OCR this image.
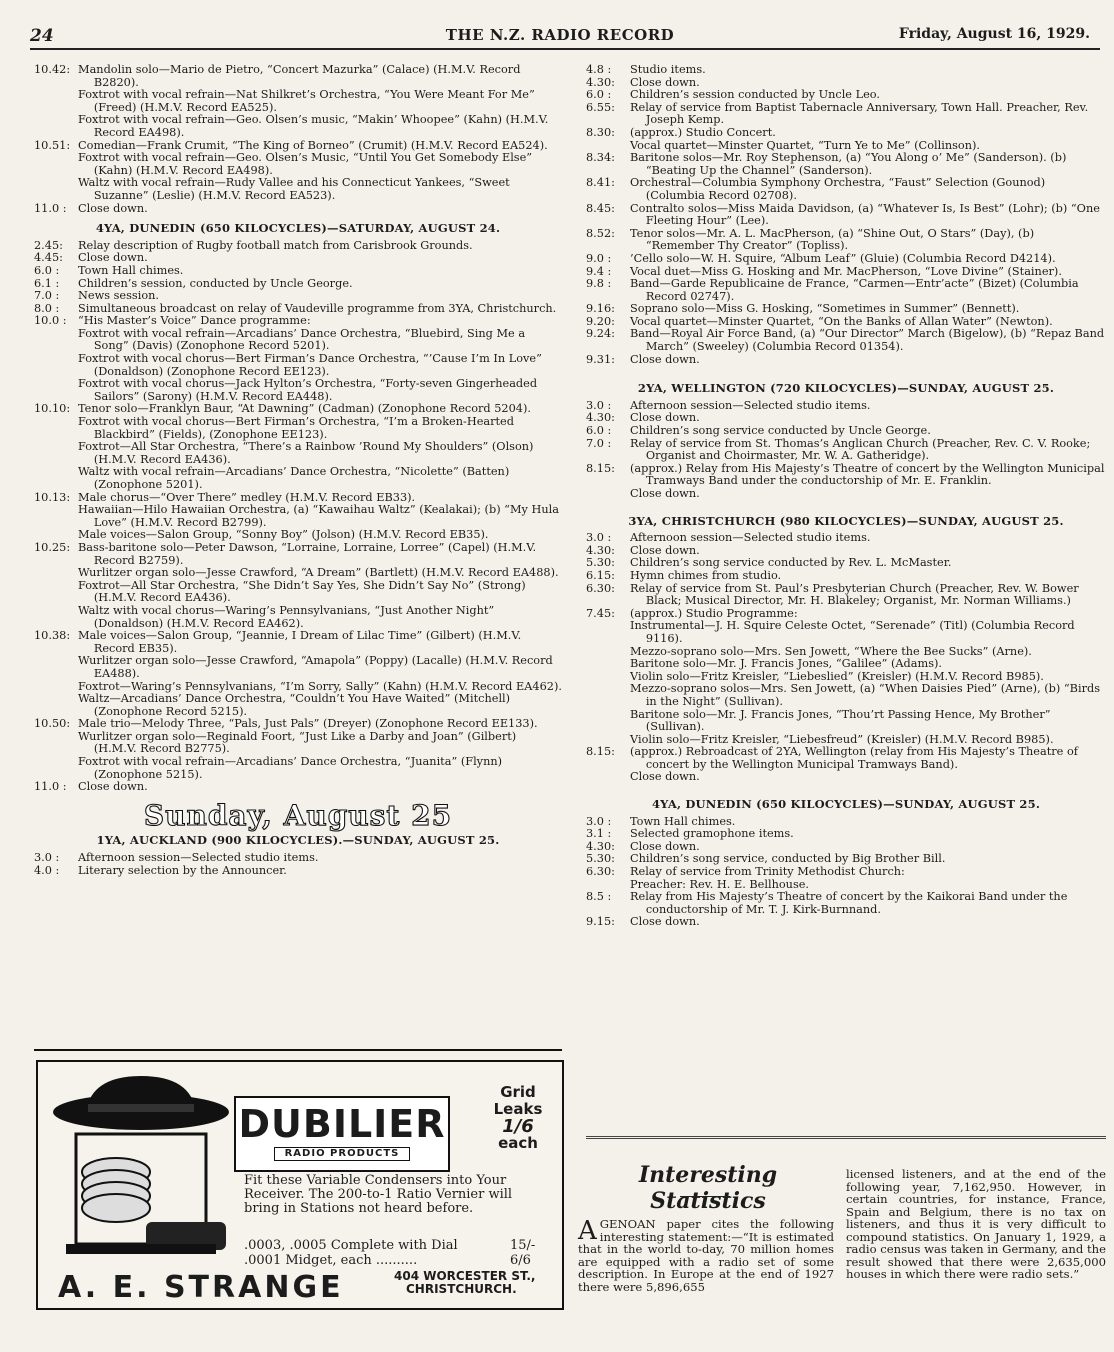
24	THE N.Z. RADIO RECORD	Friday, August 16, 1929.
10.42: Mandolin solo—Mario de Pietro, “Concert Mazurka” (Calace) (H.M.V. Record B2820).
Foxtrot with vocal refrain—Nat Shilkret’s Orchestra, “You Were Meant For Me” (Freed) (H.M.V. Record EA525).
Foxtrot with vocal refrain—Geo. Olsen’s music, “Makin’ Whoopee” (Kahn) (H.M.V. Record EA498).
10.51: Comedian—Frank Crumit, “The King of Borneo” (Crumit) (H.M.V. Record EA524).
Foxtrot with vocal refrain—Geo. Olsen’s Music, “Until You Get Somebody Else” (Kahn) (H.M.V. Record EA498).
Waltz with vocal refrain—Rudy Vallee and his Connecticut Yankees, “Sweet Suzanne” (Leslie) (H.M.V. Record EA523).
11.0 :	Close down.
4YA, DUNEDIN (650 KILOCYCLES)—SATURDAY, AUGUST 24.
2.45:	Relay description of Rugby football match from Carisbrook Grounds.
4.45:	Close down.
6.0 :	Town Hall chimes.
6.1 :	Children’s session, conducted by Uncle George.
7.0 :	News session.
8.0 :	Simultaneous broadcast on relay of Vaudeville programme from 3YA, Christchurch.
10.0 :	“His Master’s Voice” Dance programme:
Foxtrot with vocal refrain—Arcadians’ Dance Orchestra, “Bluebird, Sing Me a Song” (Davis) (Zonophone Record 5201).
Foxtrot with vocal chorus—Bert Firman’s Dance Orchestra, “’Cause I’m In Love” (Donaldson) (Zonophone Record EE123).
Foxtrot with vocal chorus—Jack Hylton’s Orchestra, “Forty-seven Gingerheaded Sailors” (Sarony) (H.M.V. Record EA448).
10.10: Tenor solo—Franklyn Baur, “At Dawning” (Cadman) (Zonophone Record 5204).
Foxtrot with vocal chorus—Bert Firman’s Orchestra, “I’m a Broken-Hearted Blackbird” (Fields), (Zonophone EE123).
Foxtrot—All Star Orchestra, “There’s a Rainbow ’Round My Shoulders” (Olson) (H.M.V. Record EA436).
Waltz with vocal refrain—Arcadians’ Dance Orchestra, “Nicolette” (Batten) (Zonophone 5201).
10.13: Male chorus—“Over There” medley (H.M.V. Record EB33).
Hawaiian—Hilo Hawaiian Orchestra, (a) “Kawaihau Waltz” (Kealakai); (b) “My Hula Love” (H.M.V. Record B2799).
Male voices—Salon Group, “Sonny Boy” (Jolson) (H.M.V. Record EB35).
10.25: Bass-baritone solo—Peter Dawson, “Lorraine, Lorraine, Lorree” (Capel) (H.M.V. Record B2759).
Wurlitzer organ solo—Jesse Crawford, “A Dream” (Bartlett) (H.M.V. Record EA488).
Foxtrot—All Star Orchestra, “She Didn’t Say Yes, She Didn’t Say No” (Strong) (H.M.V. Record EA436).
Waltz with vocal chorus—Waring’s Pennsylvanians, “Just Another Night” (Donaldson) (H.M.V. Record EA462).
10.38: Male voices—Salon Group, “Jeannie, I Dream of Lilac Time” (Gilbert) (H.M.V. Record EB35).
Wurlitzer organ solo—Jesse Crawford, “Amapola” (Poppy) (Lacalle) (H.M.V. Record EA488).
Foxtrot—Waring’s Pennsylvanians, “I’m Sorry, Sally” (Kahn) (H.M.V. Record EA462).
Waltz—Arcadians’ Dance Orchestra, “Couldn’t You Have Waited” (Mitchell) (Zonophone Record 5215).
10.50: Male trio—Melody Three, “Pals, Just Pals” (Dreyer) (Zonophone Record EE133).
Wurlitzer organ solo—Reginald Foort, “Just Like a Darby and Joan” (Gilbert) (H.M.V. Record B2775).
Foxtrot with vocal refrain—Arcadians’ Dance Orchestra, “Juanita” (Flynn) (Zonophone 5215).
11.0 :	Close down.
Sunday, August 25
1YA, AUCKLAND (900 KILOCYCLES).—SUNDAY, AUGUST 25.
3.0 :	Afternoon session—Selected studio items.
4.0 :	Literary selection by the Announcer.
4.8 :	Studio items.
4.30:	Close down.
6.0 :	Children’s session conducted by Uncle Leo.
6.55:	Relay of service from Baptist Tabernacle Anniversary, Town Hall. Preacher, Rev. Joseph Kemp.
8.30:	(approx.) Studio Concert.
Vocal quartet—Minster Quartet, “Turn Ye to Me” (Collinson).
8.34:	Baritone solos—Mr. Roy Stephenson, (a) “You Along o’ Me” (Sanderson). (b) “Beating Up the Channel” (Sanderson).
8.41:	Orchestral—Columbia Symphony Orchestra, “Faust” Selection (Gounod) (Columbia Record 02708).
8.45:	Contralto solos—Miss Maida Davidson, (a) “Whatever Is, Is Best” (Lohr); (b) “One Fleeting Hour” (Lee).
8.52:	Tenor solos—Mr. A. L. MacPherson, (a) “Shine Out, O Stars” (Day), (b) “Remember Thy Creator” (Topliss).
9.0 :	’Cello solo—W. H. Squire, “Album Leaf” (Gluie) (Columbia Record D4214).
9.4 :	Vocal duet—Miss G. Hosking and Mr. MacPherson, “Love Divine” (Stainer).
9.8 :	Band—Garde Republicaine de France, “Carmen—Entr’acte” (Bizet) (Columbia Record 02747).
9.16:	Soprano solo—Miss G. Hosking, “Sometimes in Summer” (Bennett).
9.20:	Vocal quartet—Minster Quartet, “On the Banks of Allan Water” (Newton).
9.24:	Band—Royal Air Force Band, (a) “Our Director” March (Bigelow), (b) “Repaz Band March” (Sweeley) (Columbia Record 01354).
9.31:	Close down.
2YA, WELLINGTON (720 KILOCYCLES)—SUNDAY, AUGUST 25.
3.0 :	Afternoon session—Selected studio items.
4.30:	Close down.
6.0 :	Children’s song service conducted by Uncle George.
7.0 :	Relay of service from St. Thomas’s Anglican Church (Preacher, Rev. C. V. Rooke; Organist and Choirmaster, Mr. W. A. Gatheridge).
8.15:	(approx.) Relay from His Majesty’s Theatre of concert by the Wellington Municipal Tramways Band under the conductorship of Mr. E. Franklin.
Close down.
3YA, CHRISTCHURCH (980 KILOCYCLES)—SUNDAY, AUGUST 25.
3.0 :	Afternoon session—Selected studio items.
4.30:	Close down.
5.30:	Children’s song service conducted by Rev. L. McMaster.
6.15:	Hymn chimes from studio.
6.30:	Relay of service from St. Paul’s Presbyterian Church (Preacher, Rev. W. Bower Black; Musical Director, Mr. H. Blakeley; Organist, Mr. Norman Williams.)
7.45:	(approx.) Studio Programme:
Instrumental—J. H. Squire Celeste Octet, “Serenade” (Titl) (Columbia Record 9116).
Mezzo-soprano solo—Mrs. Sen Jowett, “Where the Bee Sucks” (Arne).
Baritone solo—Mr. J. Francis Jones, “Galilee” (Adams).
Violin solo—Fritz Kreisler, “Liebeslied” (Kreisler) (H.M.V. Record B985).
Mezzo-soprano solos—Mrs. Sen Jowett, (a) “When Daisies Pied” (Arne), (b) “Birds in the Night” (Sullivan).
Baritone solo—Mr. J. Francis Jones, “Thou’rt Passing Hence, My Brother” (Sullivan).
Violin solo—Fritz Kreisler, “Liebesfreud” (Kreisler) (H.M.V. Record B985).
8.15:	(approx.) Rebroadcast of 2YA, Wellington (relay from His Majesty’s Theatre of concert by the Wellington Municipal Tramways Band).
Close down.
4YA, DUNEDIN (650 KILOCYCLES)—SUNDAY, AUGUST 25.
3.0 :	Town Hall chimes.
3.1 :	Selected gramophone items.
4.30:	Close down.
5.30:	Children’s song service, conducted by Big Brother Bill.
6.30:	Relay of service from Trinity Methodist Church:
Preacher: Rev. H. E. Bellhouse.
8.5 :	Relay from His Majesty’s Theatre of concert by the Kaikorai Band under the conductorship of Mr. T. J. Kirk-Burnnand.
9.15:	Close down.
DUBILIER
RADIO PRODUCTS
Grid
Leaks
1/6
each
Fit these Variable Condensers into Your Receiver. The 200-to-1 Ratio Vernier will bring in Stations not heard before.
.0003, .0005 Complete with Dial	15/-
.0001 Midget, each ..........	6/6
A. E. STRANGE	404 WORCESTER ST.,
CHRISTCHURCH.
Interesting Statistics
AGENOAN paper cites the following interesting statement:—“It is estimated that in the world to-day, 70 million homes are equipped with a radio set of some description. In Europe at the end of 1927 there were 5,896,655
licensed listeners, and at the end of the following year, 7,162,950. However, in certain countries, for instance, France, Spain and Belgium, there is no tax on listeners, and thus it is very difficult to compound statistics. On January 1, 1929, a radio census was taken in Germany, and the result showed that there were 2,635,000 houses in which there were radio sets.”
